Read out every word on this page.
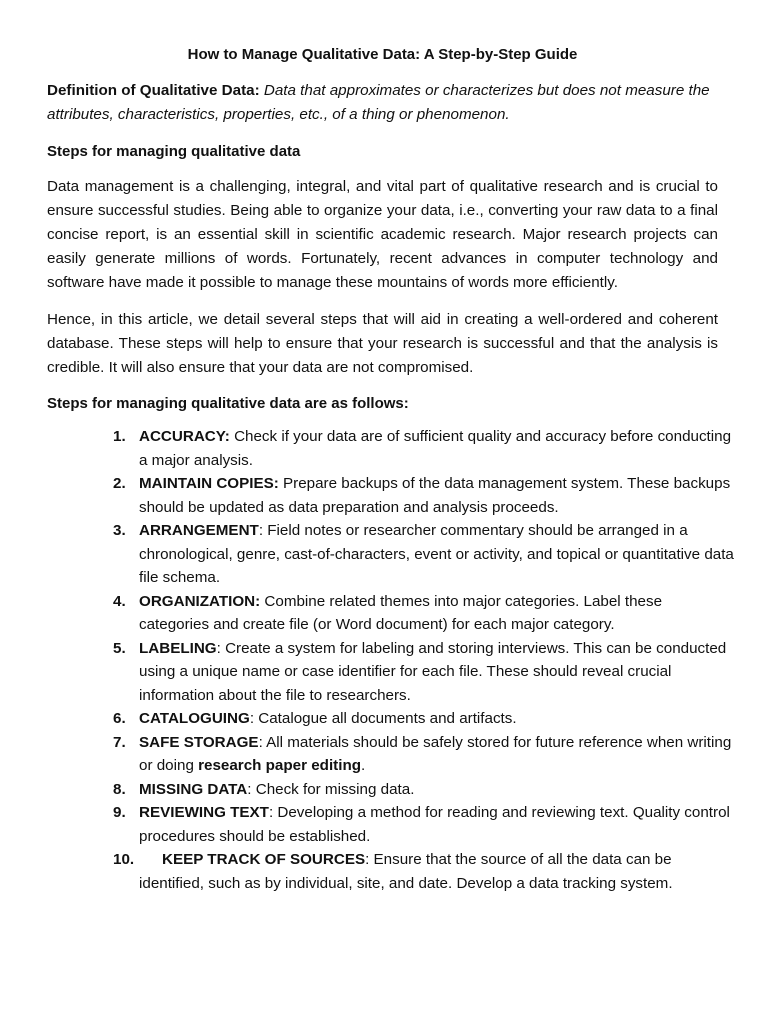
How to Manage Qualitative Data: A Step-by-Step Guide

Definition of Qualitative Data: Data that approximates or characterizes but does not measure the attributes, characteristics, properties, etc., of a thing or phenomenon.

Steps for managing qualitative data

Data management is a challenging, integral, and vital part of qualitative research and is crucial to ensure successful studies. Being able to organize your data, i.e., converting your raw data to a final concise report, is an essential skill in scientific academic research. Major research projects can easily generate millions of words. Fortunately, recent advances in computer technology and software have made it possible to manage these mountains of words more efficiently.

Hence, in this article, we detail several steps that will aid in creating a well-ordered and coherent database. These steps will help to ensure that your research is successful and that the analysis is credible. It will also ensure that your data are not compromised.

Steps for managing qualitative data are as follows:
1. ACCURACY: Check if your data are of sufficient quality and accuracy before conducting a major analysis.
2. MAINTAIN COPIES: Prepare backups of the data management system. These backups should be updated as data preparation and analysis proceeds.
3. ARRANGEMENT: Field notes or researcher commentary should be arranged in a chronological, genre, cast-of-characters, event or activity, and topical or quantitative data file schema.
4. ORGANIZATION: Combine related themes into major categories. Label these categories and create file (or Word document) for each major category.
5. LABELING: Create a system for labeling and storing interviews. This can be conducted using a unique name or case identifier for each file. These should reveal crucial information about the file to researchers.
6. CATALOGUING: Catalogue all documents and artifacts.
7. SAFE STORAGE: All materials should be safely stored for future reference when writing or doing research paper editing.
8. MISSING DATA: Check for missing data.
9. REVIEWING TEXT: Developing a method for reading and reviewing text. Quality control procedures should be established.
10. KEEP TRACK OF SOURCES: Ensure that the source of all the data can be identified, such as by individual, site, and date. Develop a data tracking system.
